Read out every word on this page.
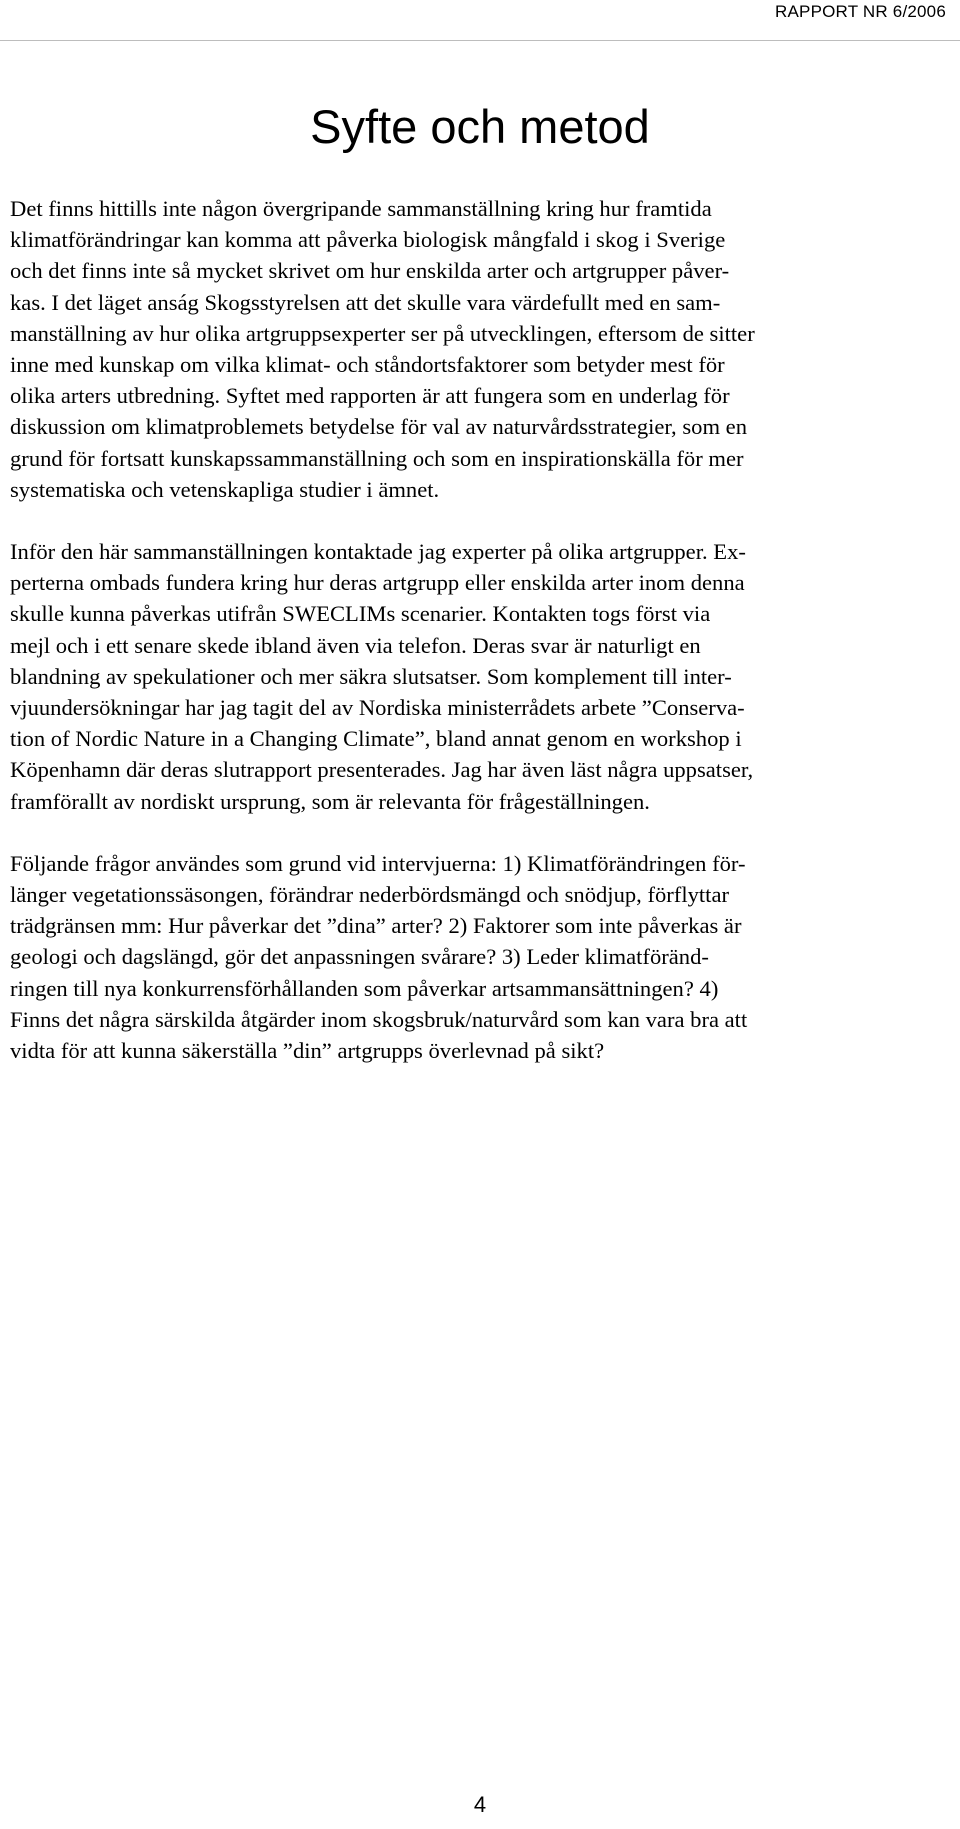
RAPPORT NR 6/2006
Syfte och metod

Det finns hittills inte någon övergripande sammanställning kring hur framtida
klimatförändringar kan komma att påverka biologisk mångfald i skog i Sverige
och det finns inte så mycket skrivet om hur enskilda arter och artgrupper påver-
kas. I det läget anság Skogsstyrelsen att det skulle vara värdefullt med en sam-
manställning av hur olika artgruppsexperter ser på utvecklingen, eftersom de sitter
inne med kunskap om vilka klimat- och ståndortsfaktorer som betyder mest för
olika arters utbredning. Syftet med rapporten är att fungera som en underlag för
diskussion om klimatproblemets betydelse för val av naturvårdsstrategier, som en
grund för fortsatt kunskapssammanställning och som en inspirationskälla för mer
systematiska och vetenskapliga studier i ämnet.

Inför den här sammanställningen kontaktade jag experter på olika artgrupper. Ex-
perterna ombads fundera kring hur deras artgrupp eller enskilda arter inom denna
skulle kunna påverkas utifrån SWECLIMs scenarier. Kontakten togs först via
mejl och i ett senare skede ibland även via telefon. Deras svar är naturligt en
blandning av spekulationer och mer säkra slutsatser. Som komplement till inter-
vjuundersökningar har jag tagit del av Nordiska ministerrådets arbete ”Conserva-
tion of Nordic Nature in a Changing Climate”, bland annat genom en workshop i
Köpenhamn där deras slutrapport presenterades. Jag har även läst några uppsatser,
framförallt av nordiskt ursprung, som är relevanta för frågeställningen.

Följande frågor användes som grund vid intervjuerna: 1) Klimatförändringen för-
länger vegetationssäsongen, förändrar nederbördsmängd och snödjup, förflyttar
trädgränsen mm: Hur påverkar det ”dina” arter? 2) Faktorer som inte påverkas är
geologi och dagslängd, gör det anpassningen svårare? 3) Leder klimatföränd-
ringen till nya konkurrensförhållanden som påverkar artsammansättningen? 4)
Finns det några särskilda åtgärder inom skogsbruk/naturvård som kan vara bra att
vidta för att kunna säkerställa ”din” artgrupps överlevnad på sikt?

4
